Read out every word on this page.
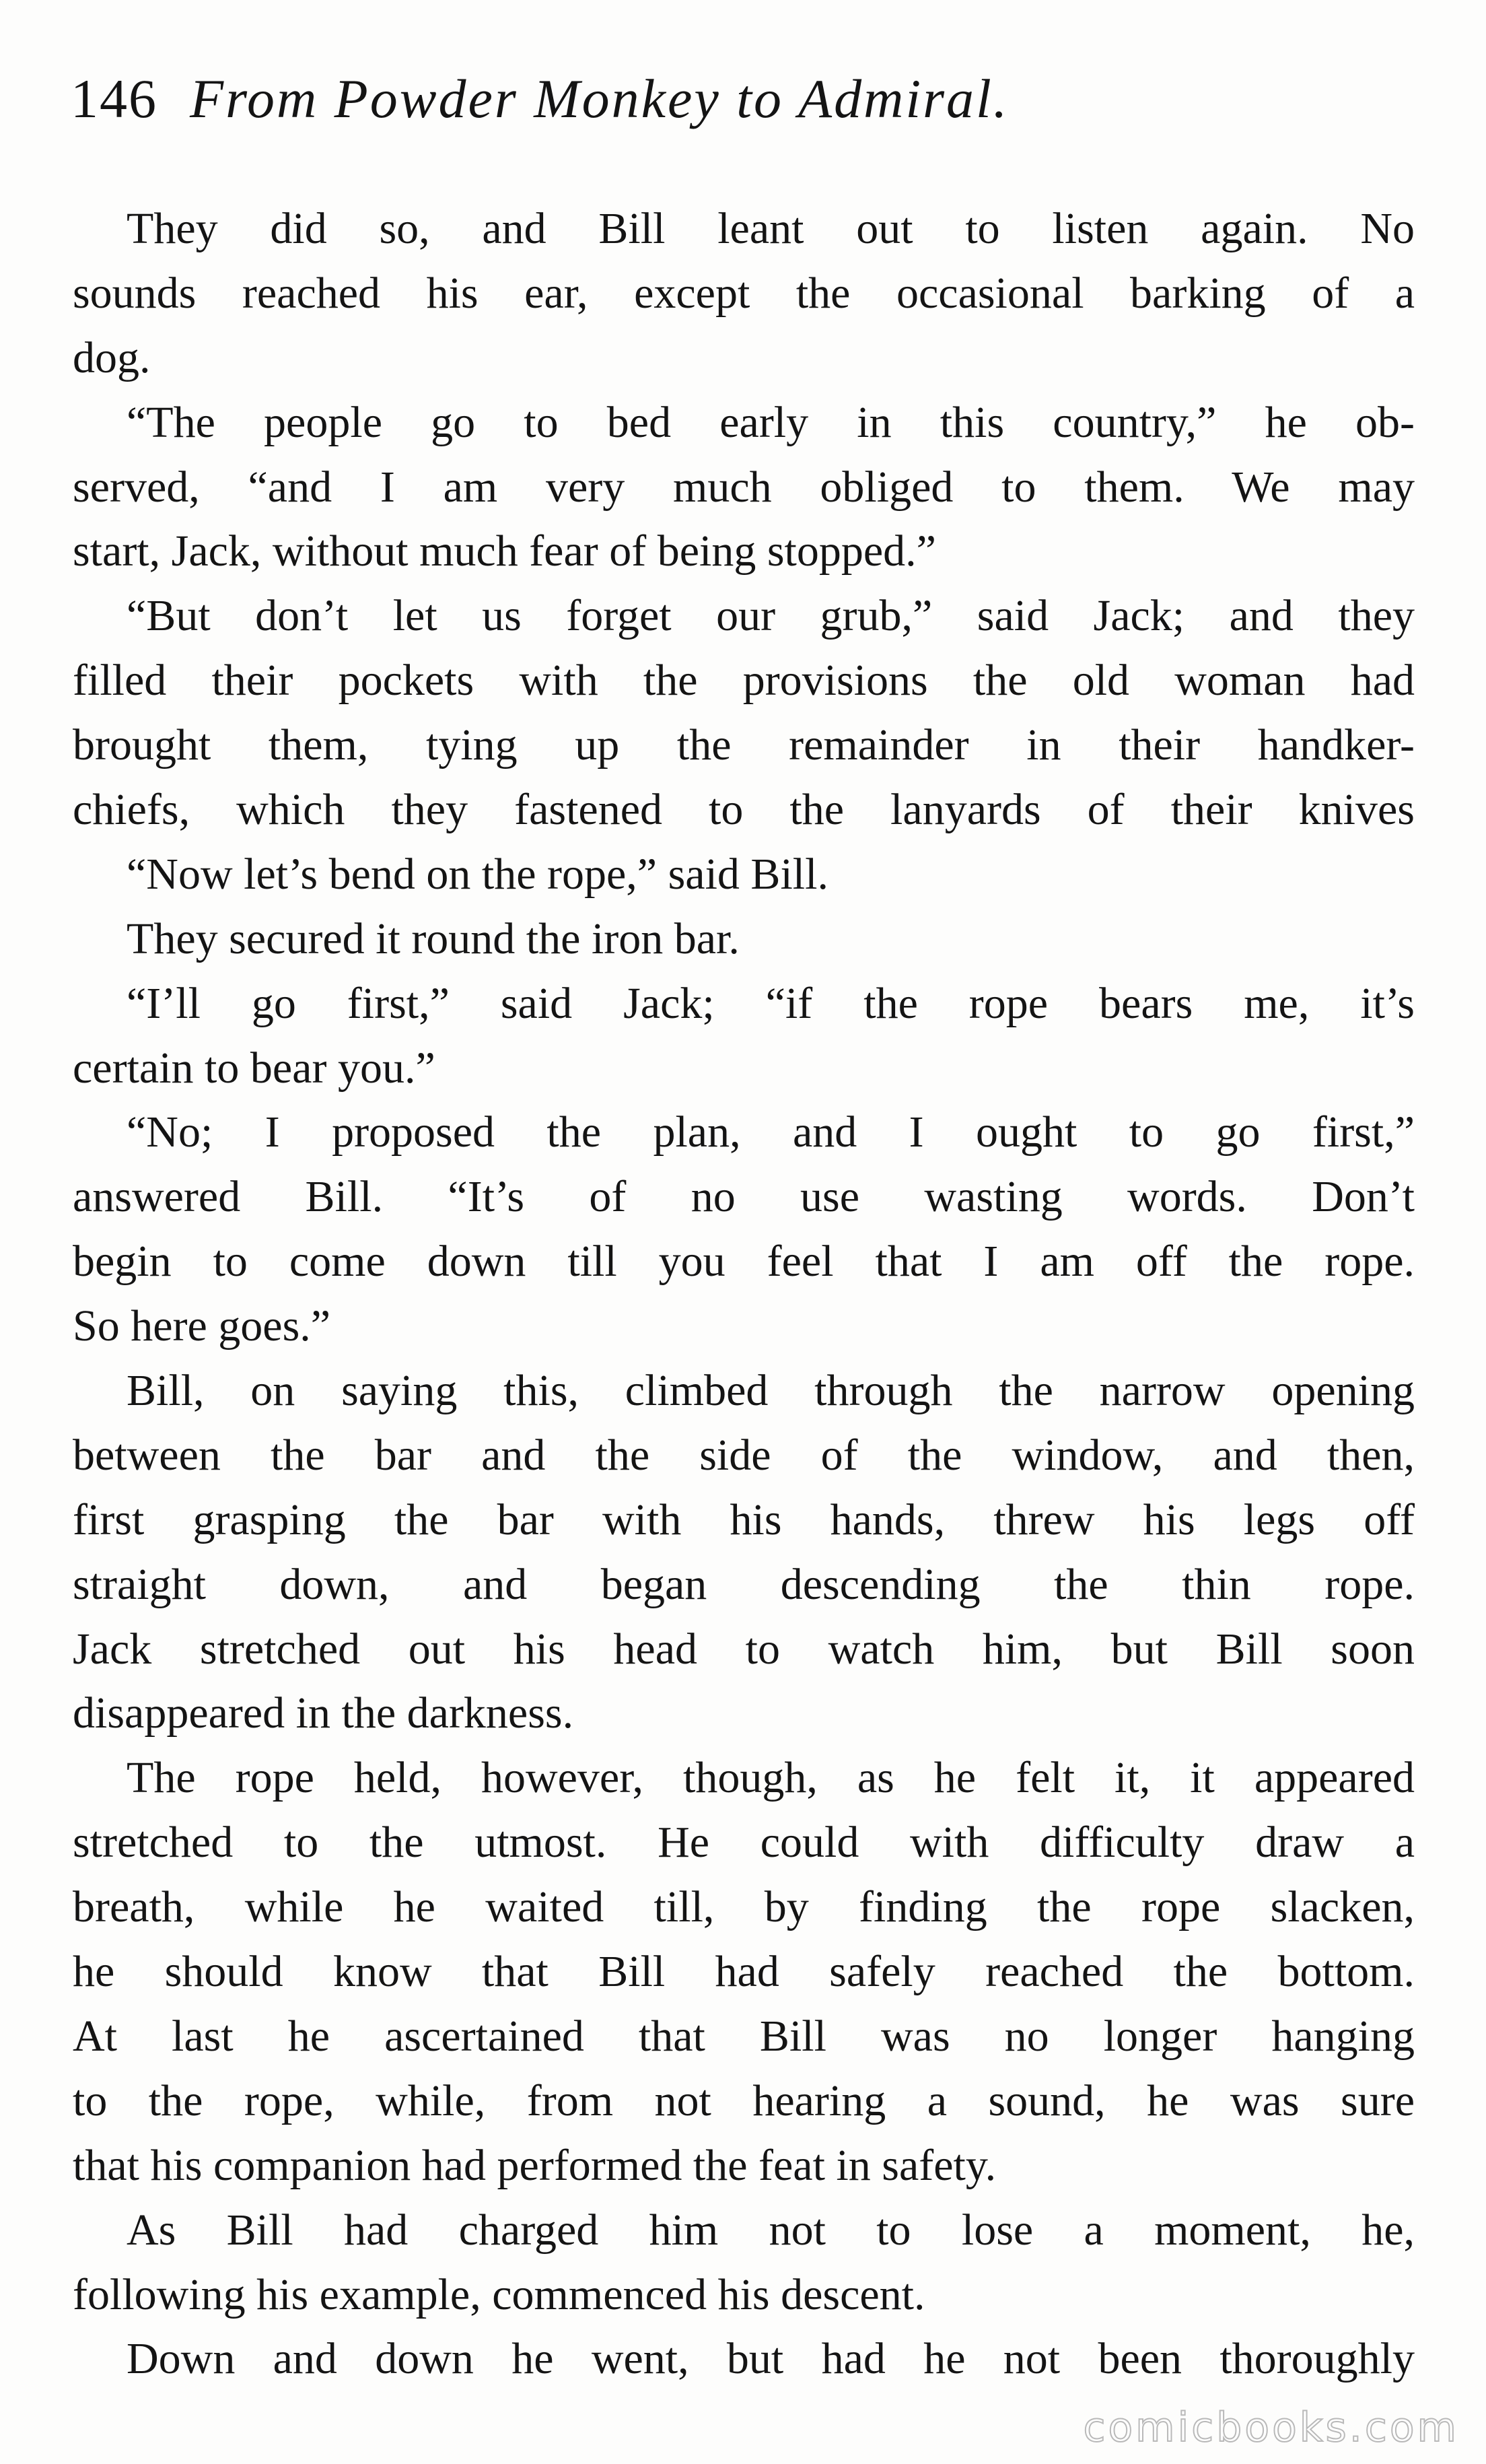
146 From Powder Monkey to Admiral.
They did so, and Bill leant out to listen again. No
sounds reached his ear, except the occasional barking of a
dog.
“The people go to bed early in this country,” he ob-
served, “and I am very much obliged to them. We may
start, Jack, without much fear of being stopped.”
“But don’t let us forget our grub,” said Jack; and they
filled their pockets with the provisions the old woman had
brought them, tying up the remainder in their handker-
chiefs, which they fastened to the lanyards of their knives
“Now let’s bend on the rope,” said Bill.
They secured it round the iron bar.
“I’ll go first,” said Jack; “if the rope bears me, it’s
certain to bear you.”
“No; I proposed the plan, and I ought to go first,”
answered Bill. “It’s of no use wasting words. Don’t
begin to come down till you feel that I am off the rope.
So here goes.”
Bill, on saying this, climbed through the narrow opening
between the bar and the side of the window, and then,
first grasping the bar with his hands, threw his legs off
straight down, and began descending the thin rope.
Jack stretched out his head to watch him, but Bill soon
disappeared in the darkness.
The rope held, however, though, as he felt it, it appeared
stretched to the utmost. He could with difficulty draw a
breath, while he waited till, by finding the rope slacken,
he should know that Bill had safely reached the bottom.
At last he ascertained that Bill was no longer hanging
to the rope, while, from not hearing a sound, he was sure
that his companion had performed the feat in safety.
As Bill had charged him not to lose a moment, he,
following his example, commenced his descent.
Down and down he went, but had he not been thoroughly
comicbooks.com
